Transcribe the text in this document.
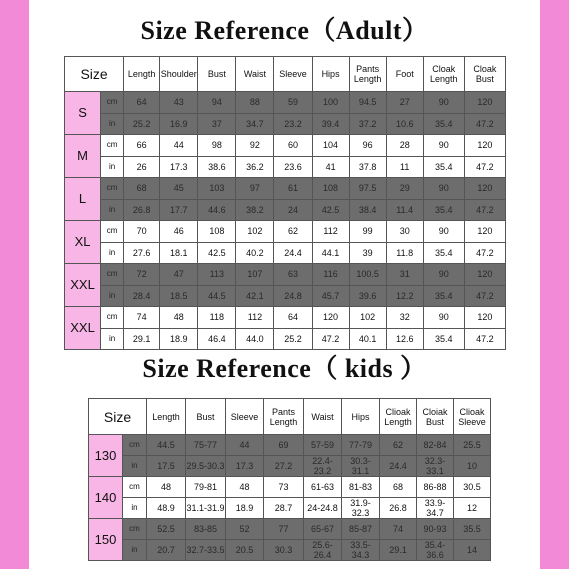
Size Reference（Adult）
Size		Length	Shoulder	Bust	Waist	Sleeve	Hips	Pants Length	Foot	Cloak Length	Cloak Bust
S	cm	64	43	94	88	59	100	94.5	27	90	120
	in	25.2	16.9	37	34.7	23.2	39.4	37.2	10.6	35.4	47.2
M	cm	66	44	98	92	60	104	96	28	90	120
	in	26	17.3	38.6	36.2	23.6	41	37.8	11	35.4	47.2
L	cm	68	45	103	97	61	108	97.5	29	90	120
	in	26.8	17.7	44.6	38.2	24	42.5	38.4	11.4	35.4	47.2
XL	cm	70	46	108	102	62	112	99	30	90	120
	in	27.6	18.1	42.5	40.2	24.4	44.1	39	11.8	35.4	47.2
XXL	cm	72	47	113	107	63	116	100.5	31	90	120
	in	28.4	18.5	44.5	42.1	24.8	45.7	39.6	12.2	35.4	47.2
XXL	cm	74	48	118	112	64	120	102	32	90	120
	in	29.1	18.9	46.4	44.0	25.2	47.2	40.1	12.6	35.4	47.2
Size Reference（ kids ）
Size		Length	Bust	Sleeve	Pants Length	Waist	Hips	Clioak Length	Cloiak Bust	Clioak Sleeve
130	cm	44.5	75-77	44	69	57-59	77-79	62	82-84	25.5
	in	17.5	29.5-30.3	17.3	27.2	22.4-23.2	30.3-31.1	24.4	32.3-33.1	10
140	cm	48	79-81	48	73	61-63	81-83	68	86-88	30.5
	in	48.9	31.1-31.9	18.9	28.7	24-24.8	31.9-32.3	26.8	33.9-34.7	12
150	cm	52.5	83-85	52	77	65-67	85-87	74	90-93	35.5
	in	20.7	32.7-33.5	20.5	30.3	25.6-26.4	33.5-34.3	29.1	35.4-36.6	14
